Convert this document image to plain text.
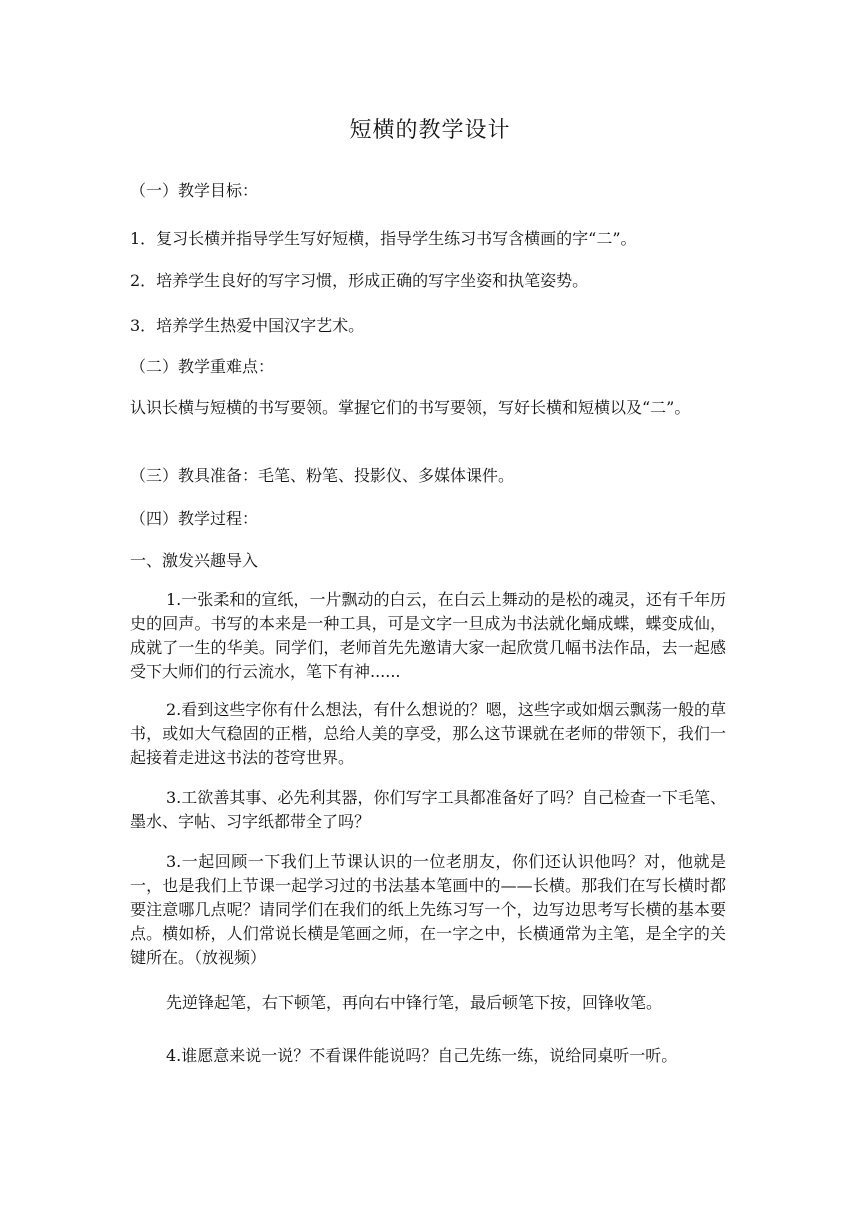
短横的教学设计
（一）教学目标：
1．复习长横并指导学生写好短横，指导学生练习书写含横画的字“二”。
2．培养学生良好的写字习惯，形成正确的写字坐姿和执笔姿势。
3．培养学生热爱中国汉字艺术。
（二）教学重难点：
认识长横与短横的书写要领。掌握它们的书写要领，写好长横和短横以及“二”。
（三）教具准备：毛笔、粉笔、投影仪、多媒体课件。
（四）教学过程：
一、激发兴趣导入
1.一张柔和的宣纸，一片飘动的白云，在白云上舞动的是松的魂灵，还有千年历史的回声。书写的本来是一种工具，可是文字一旦成为书法就化蛹成蝶，蝶变成仙，成就了一生的华美。同学们，老师首先先邀请大家一起欣赏几幅书法作品，去一起感受下大师们的行云流水，笔下有神......
2.看到这些字你有什么想法，有什么想说的？嗯，这些字或如烟云飘荡一般的草书，或如大气稳固的正楷，总给人美的享受，那么这节课就在老师的带领下，我们一起接着走进这书法的苍穹世界。
3.工欲善其事、必先利其器，你们写字工具都准备好了吗？自己检查一下毛笔、墨水、字帖、习字纸都带全了吗？
3.一起回顾一下我们上节课认识的一位老朋友，你们还认识他吗？对，他就是一，也是我们上节课一起学习过的书法基本笔画中的——长横。那我们在写长横时都要注意哪几点呢？请同学们在我们的纸上先练习写一个，边写边思考写长横的基本要点。横如桥，人们常说长横是笔画之师，在一字之中，长横通常为主笔，是全字的关键所在。（放视频）
先逆锋起笔，右下顿笔，再向右中锋行笔，最后顿笔下按，回锋收笔。
4.谁愿意来说一说？不看课件能说吗？自己先练一练，说给同桌听一听。
